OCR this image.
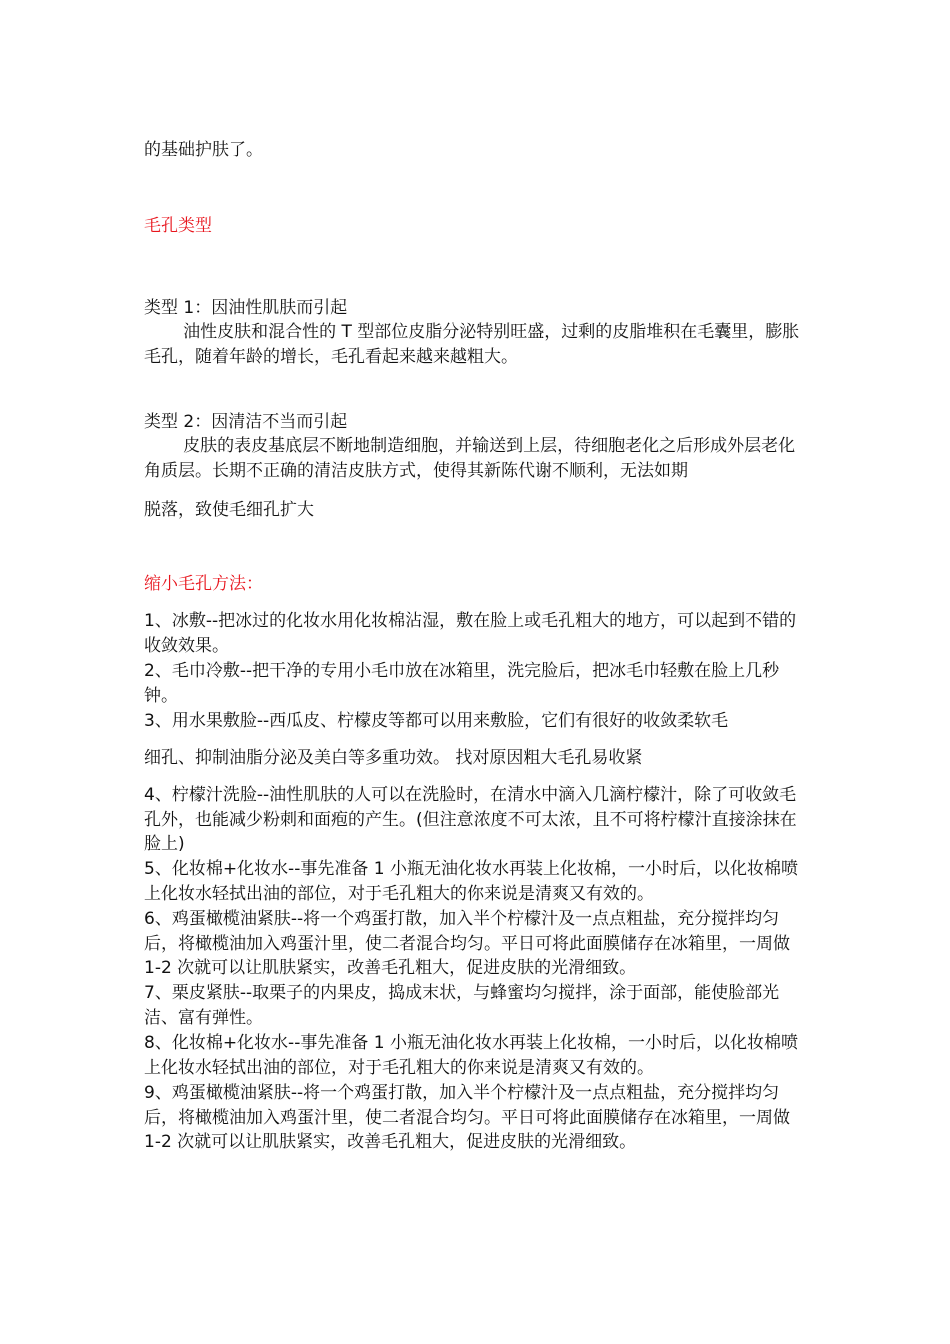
的基础护肤了。

毛孔类型

类型 1：因油性肌肤而引起

油性皮肤和混合性的 T 型部位皮脂分泌特别旺盛，过剩的皮脂堆积在毛囊里，膨胀毛孔，随着年龄的增长，毛孔看起来越来越粗大。

类型 2：因清洁不当而引起

皮肤的表皮基底层不断地制造细胞，并输送到上层，待细胞老化之后形成外层老化角质层。长期不正确的清洁皮肤方式，使得其新陈代谢不顺利，无法如期

脱落，致使毛细孔扩大

缩小毛孔方法：

1、冰敷--把冰过的化妆水用化妆棉沾湿，敷在脸上或毛孔粗大的地方，可以起到不错的收敛效果。

2、毛巾冷敷--把干净的专用小毛巾放在冰箱里，洗完脸后，把冰毛巾轻敷在脸上几秒钟。

3、用水果敷脸--西瓜皮、柠檬皮等都可以用来敷脸，它们有很好的收敛柔软毛

细孔、抑制油脂分泌及美白等多重功效。 找对原因粗大毛孔易收紧

4、柠檬汁洗脸--油性肌肤的人可以在洗脸时，在清水中滴入几滴柠檬汁，除了可收敛毛孔外，也能减少粉刺和面疱的产生。(但注意浓度不可太浓，且不可将柠檬汁直接涂抹在脸上)

5、化妆棉+化妆水--事先准备 1 小瓶无油化妆水再装上化妆棉，一小时后，以化妆棉喷上化妆水轻拭出油的部位，对于毛孔粗大的你来说是清爽又有效的。

6、鸡蛋橄榄油紧肤--将一个鸡蛋打散，加入半个柠檬汁及一点点粗盐，充分搅拌均匀后，将橄榄油加入鸡蛋汁里，使二者混合均匀。平日可将此面膜储存在冰箱里，一周做 1-2 次就可以让肌肤紧实，改善毛孔粗大，促进皮肤的光滑细致。

7、栗皮紧肤--取栗子的内果皮，捣成末状，与蜂蜜均匀搅拌，涂于面部，能使脸部光洁、富有弹性。

8、化妆棉+化妆水--事先准备 1 小瓶无油化妆水再装上化妆棉，一小时后，以化妆棉喷上化妆水轻拭出油的部位，对于毛孔粗大的你来说是清爽又有效的。

9、鸡蛋橄榄油紧肤--将一个鸡蛋打散，加入半个柠檬汁及一点点粗盐，充分搅拌均匀后，将橄榄油加入鸡蛋汁里，使二者混合均匀。平日可将此面膜储存在冰箱里，一周做 1-2 次就可以让肌肤紧实，改善毛孔粗大，促进皮肤的光滑细致。
